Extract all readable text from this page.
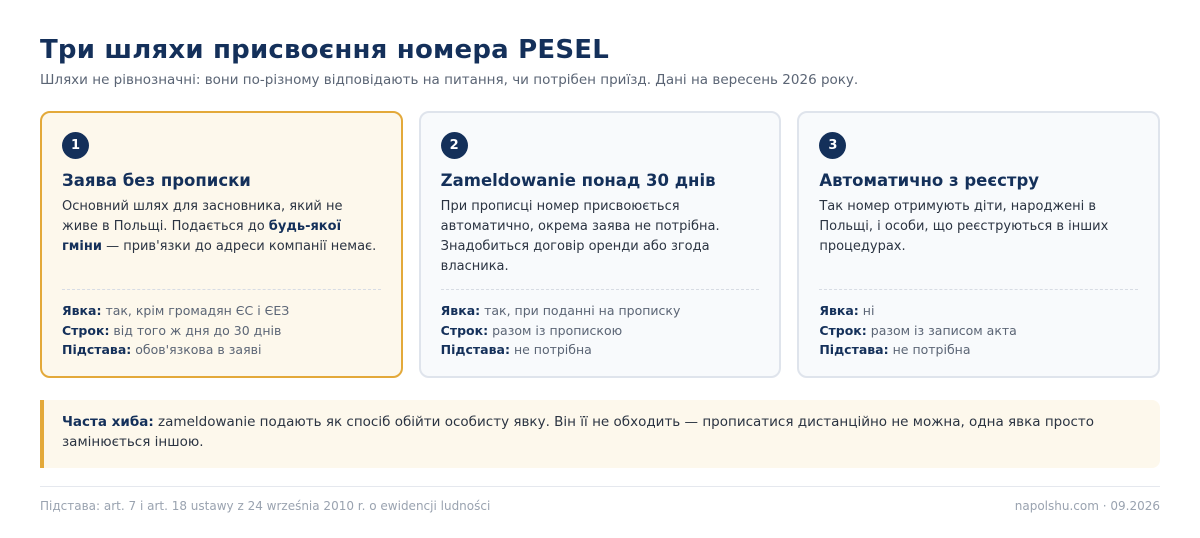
Три шляхи присвоєння номера PESEL

Шляхи не рівнозначні: вони по-різному відповідають на питання, чи потрібен приїзд. Дані на вересень 2026 року.

1
Заява без прописки

Основний шлях для засновника, який не живе в Польщі. Подається до будь-якої гміни — прив'язки до адреси компанії немає.

Явка: так, крім громадян ЄС і ЄЕЗ
Строк: від того ж дня до 30 днів
Підстава: обов'язкова в заяві
2
Zameldowanie понад 30 днів

При прописці номер присвоюється автоматично, окрема заява не потрібна. Знадобиться договір оренди або згода власника.

Явка: так, при поданні на прописку
Строк: разом із пропискою
Підстава: не потрібна
3
Автоматично з реєстру

Так номер отримують діти, народжені в Польщі, і особи, що реєструються в інших процедурах.

Явка: ні
Строк: разом із записом акта
Підстава: не потрібна
Часта хиба: zameldowanie подають як спосіб обійти особисту явку. Він її не обходить — прописатися дистанційно не можна, одна явка просто замінюється іншою.
Підстава: art. 7 i art. 18 ustawy z 24 września 2010 r. o ewidencji ludności	napolshu.com · 09.2026
